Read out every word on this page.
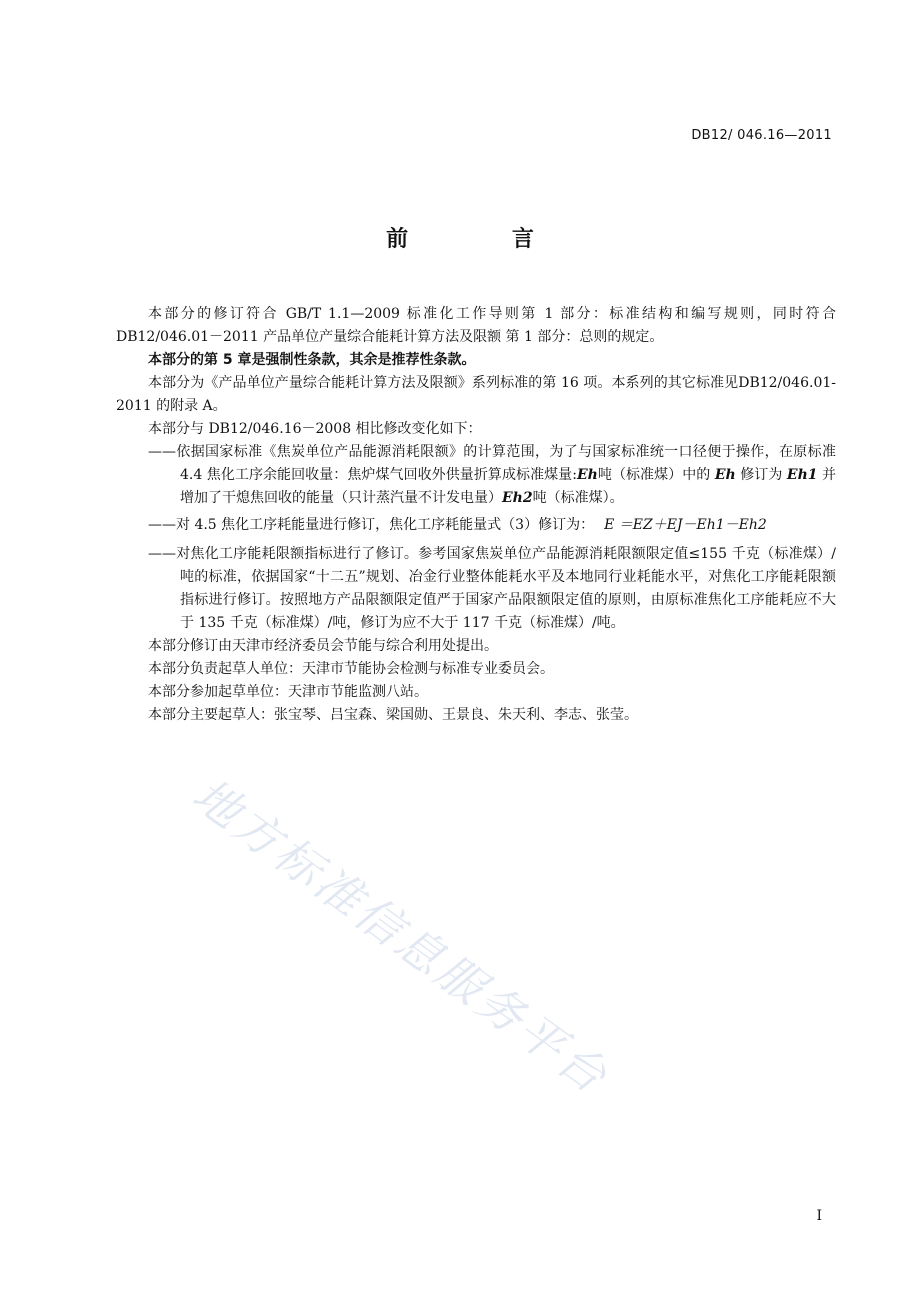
DB12/ 046.16—2011
前 言

本部分的修订符合 GB/T 1.1—2009 标准化工作导则第 1 部分：标准结构和编写规则，同时符合DB12/046.01－2011 产品单位产量综合能耗计算方法及限额 第 1 部分：总则的规定。

本部分的第 5 章是强制性条款，其余是推荐性条款。

本部分为《产品单位产量综合能耗计算方法及限额》系列标准的第 16 项。本系列的其它标准见DB12/046.01-2011 的附录 A。

本部分与 DB12/046.16－2008 相比修改变化如下：

——依据国家标准《焦炭单位产品能源消耗限额》的计算范围，为了与国家标准统一口径便于操作，在原标准 4.4 焦化工序余能回收量：焦炉煤气回收外供量折算成标准煤量:Eh吨（标准煤）中的 Eh 修订为 Eh1 并增加了干熄焦回收的能量（只计蒸汽量不计发电量）Eh2吨（标准煤）。

——对 4.5 焦化工序耗能量进行修订，焦化工序耗能量式（3）修订为： E ＝EZ＋EJ－Eh1－Eh2

——对焦化工序能耗限额指标进行了修订。参考国家焦炭单位产品能源消耗限额限定值≤155 千克（标准煤）/吨的标准，依据国家“十二五”规划、冶金行业整体能耗水平及本地同行业耗能水平，对焦化工序能耗限额指标进行修订。按照地方产品限额限定值严于国家产品限额限定值的原则，由原标准焦化工序能耗应不大于 135 千克（标准煤）/吨，修订为应不大于 117 千克（标准煤）/吨。

本部分修订由天津市经济委员会节能与综合利用处提出。

本部分负责起草人单位：天津市节能协会检测与标准专业委员会。

本部分参加起草单位：天津市节能监测八站。

本部分主要起草人：张宝琴、吕宝森、梁国勋、王景良、朱天利、李志、张莹。

地方标准信息服务平台
I
